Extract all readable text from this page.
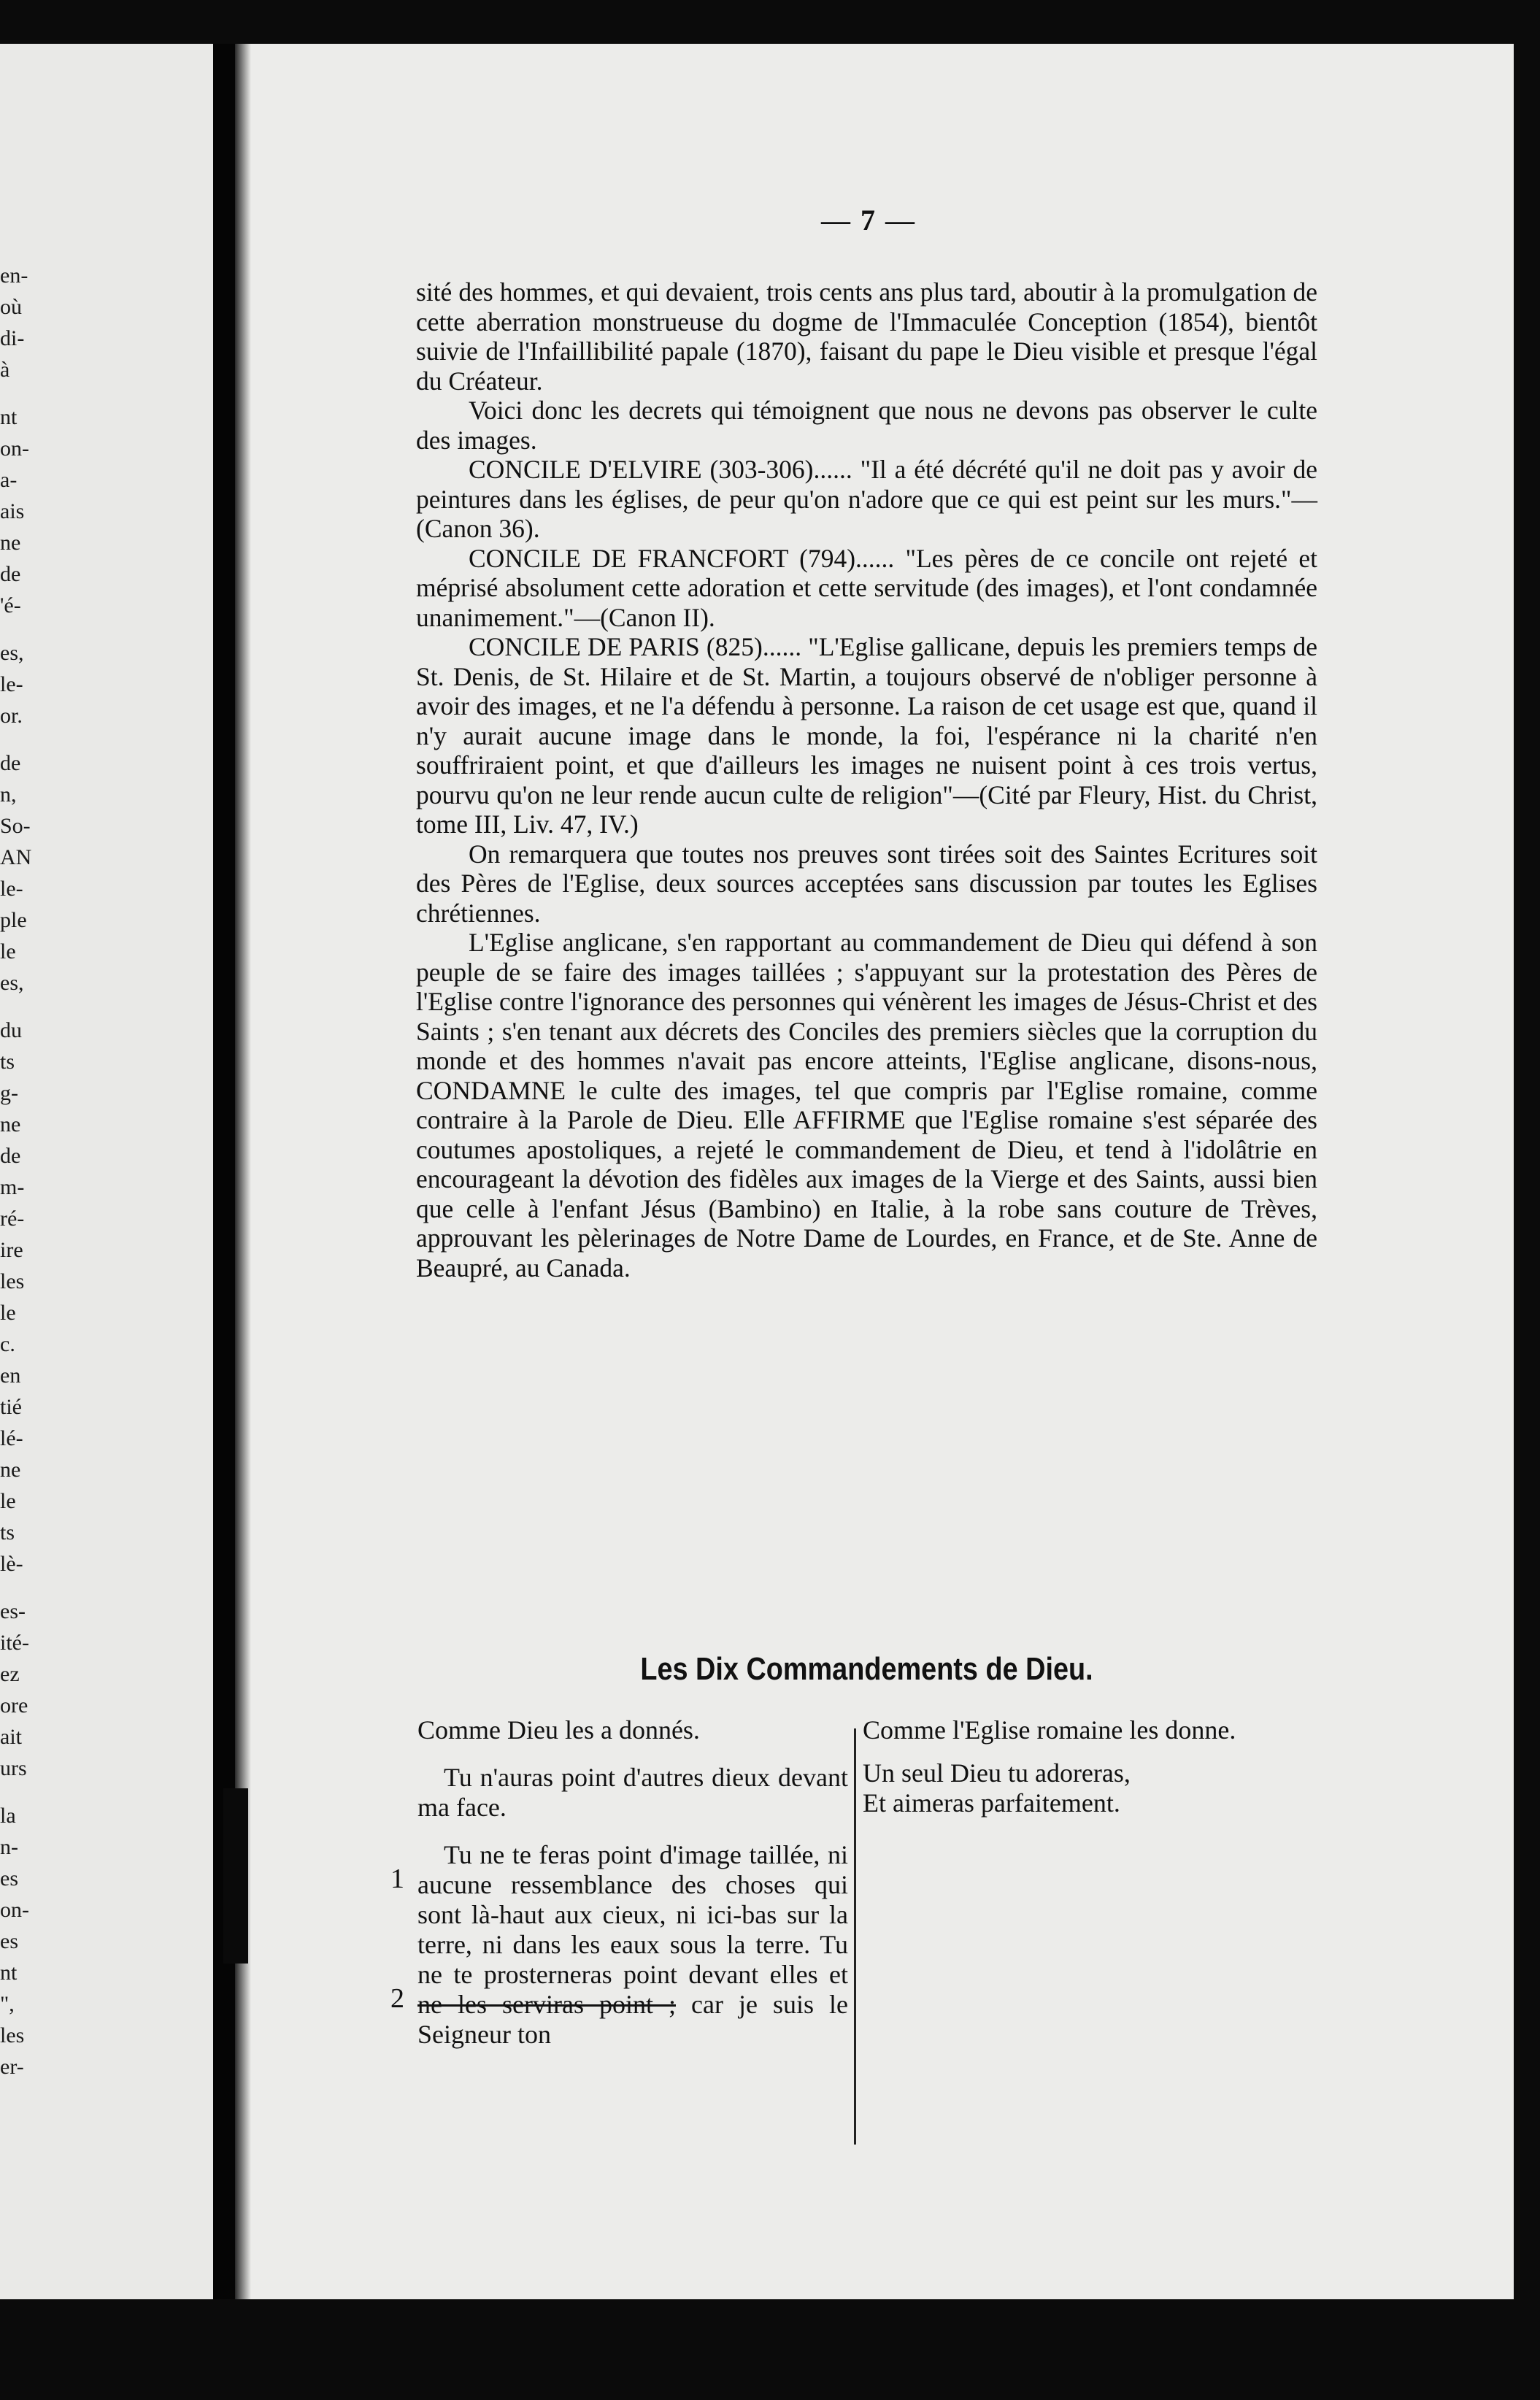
en-
où
di-
à
nt
on-
a-
ais
ne
de
'é-
es,
le-
or.
de
n,
So-
AN
le-
ple
le
es,
du
ts
g-
ne
de
m-
ré-
ire
les
le
c.
en
tié
lé-
ne
le
ts
lè-
es-
ité-
ez
ore
ait
urs
la
n-
es
on-
es
nt
",
les
er-
— 7 —

sité des hommes, et qui devaient, trois cents ans plus tard, aboutir à la promulgation de cette aberration monstrueuse du dogme de l'Immaculée Conception (1854), bientôt suivie de l'Infaillibilité papale (1870), faisant du pape le Dieu visible et presque l'égal du Créateur.

Voici donc les decrets qui témoignent que nous ne devons pas observer le culte des images.

CONCILE D'ELVIRE (303-306)...... "Il a été décrété qu'il ne doit pas y avoir de peintures dans les églises, de peur qu'on n'adore que ce qui est peint sur les murs."—(Canon 36).

CONCILE DE FRANCFORT (794)...... "Les pères de ce concile ont rejeté et méprisé absolument cette adoration et cette servitude (des images), et l'ont condamnée unanimement."—(Canon II).

CONCILE DE PARIS (825)...... "L'Eglise gallicane, depuis les premiers temps de St. Denis, de St. Hilaire et de St. Martin, a toujours observé de n'obliger personne à avoir des images, et ne l'a défendu à personne. La raison de cet usage est que, quand il n'y aurait aucune image dans le monde, la foi, l'espérance ni la charité n'en souffriraient point, et que d'ailleurs les images ne nuisent point à ces trois vertus, pourvu qu'on ne leur rende aucun culte de religion"—(Cité par Fleury, Hist. du Christ, tome III, Liv. 47, IV.)

On remarquera que toutes nos preuves sont tirées soit des Saintes Ecritures soit des Pères de l'Eglise, deux sources acceptées sans discussion par toutes les Eglises chrétiennes.

L'Eglise anglicane, s'en rapportant au commandement de Dieu qui défend à son peuple de se faire des images taillées ; s'appuyant sur la protestation des Pères de l'Eglise contre l'ignorance des personnes qui vénèrent les images de Jésus-Christ et des Saints ; s'en tenant aux décrets des Conciles des premiers siècles que la corruption du monde et des hommes n'avait pas encore atteints, l'Eglise anglicane, disons-nous, CONDAMNE le culte des images, tel que compris par l'Eglise romaine, comme contraire à la Parole de Dieu. Elle AFFIRME que l'Eglise romaine s'est séparée des coutumes apostoliques, a rejeté le commandement de Dieu, et tend à l'idolâtrie en encourageant la dévotion des fidèles aux images de la Vierge et des Saints, aussi bien que celle à l'enfant Jésus (Bambino) en Italie, à la robe sans couture de Trèves, approuvant les pèlerinages de Notre Dame de Lourdes, en France, et de Ste. Anne de Beaupré, au Canada.

Les Dix Commandements de Dieu.

Comme Dieu les a donnés.

Tu n'auras point d'autres dieux devant ma face.

Tu ne te feras point d'image taillée, ni aucune ressemblance des choses qui sont là-haut aux cieux, ni ici-bas sur la terre, ni dans les eaux sous la terre. Tu ne te prosterneras point devant elles et ne les serviras point ; car je suis le Seigneur ton

1
2

Comme l'Eglise romaine les donne.

Un seul Dieu tu adoreras,

Et aimeras parfaitement.
